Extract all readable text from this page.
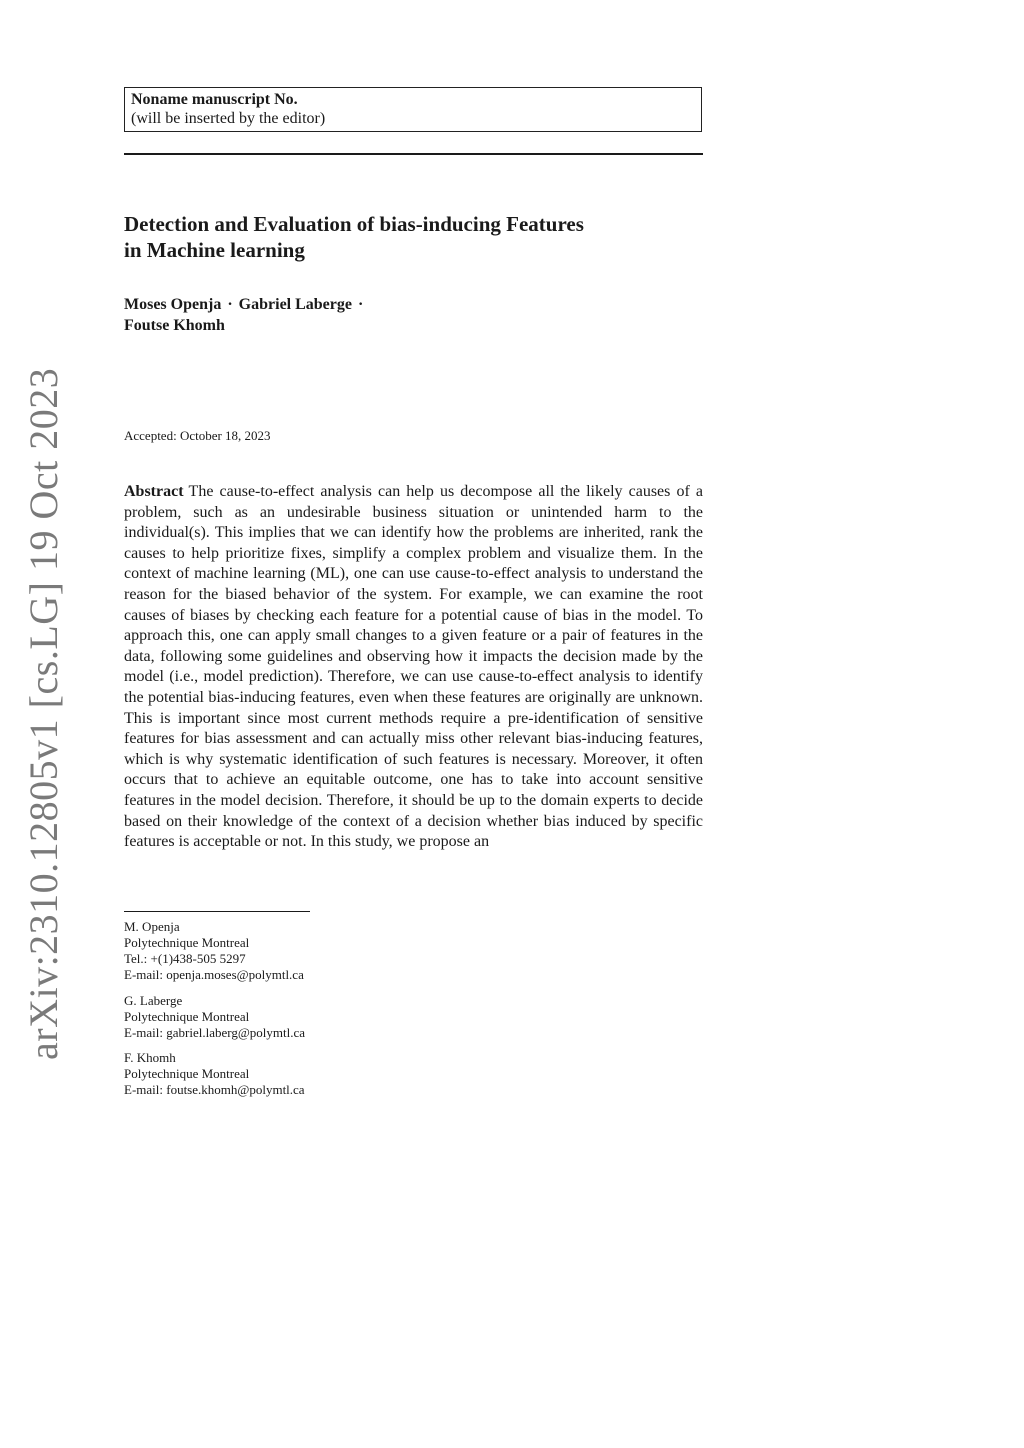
arXiv:2310.12805v1 [cs.LG] 19 Oct 2023
Noname manuscript No.
(will be inserted by the editor)
Detection and Evaluation of bias-inducing Features
in Machine learning
Moses Openja · Gabriel Laberge ·
Foutse Khomh
Accepted: October 18, 2023

Abstract The cause-to-effect analysis can help us decompose all the likely causes of a problem, such as an undesirable business situation or unintended harm to the individual(s). This implies that we can identify how the problems are inherited, rank the causes to help prioritize fixes, simplify a complex problem and visualize them. In the context of machine learning (ML), one can use cause-to-effect analysis to understand the reason for the biased behavior of the system. For example, we can examine the root causes of biases by checking each feature for a potential cause of bias in the model. To approach this, one can apply small changes to a given feature or a pair of features in the data, following some guidelines and observing how it impacts the decision made by the model (i.e., model prediction). Therefore, we can use cause-to-effect analysis to identify the potential bias-inducing features, even when these features are originally are unknown. This is important since most current methods require a pre-identification of sensitive features for bias assessment and can actually miss other relevant bias-inducing features, which is why systematic identification of such features is necessary. Moreover, it often occurs that to achieve an equitable outcome, one has to take into account sensitive features in the model decision. Therefore, it should be up to the domain experts to decide based on their knowledge of the context of a decision whether bias induced by specific features is acceptable or not. In this study, we propose an

M. Openja
Polytechnique Montreal
Tel.: +(1)438-505 5297
E-mail: openja.moses@polymtl.ca
G. Laberge
Polytechnique Montreal
E-mail: gabriel.laberg@polymtl.ca
F. Khomh
Polytechnique Montreal
E-mail: foutse.khomh@polymtl.ca
